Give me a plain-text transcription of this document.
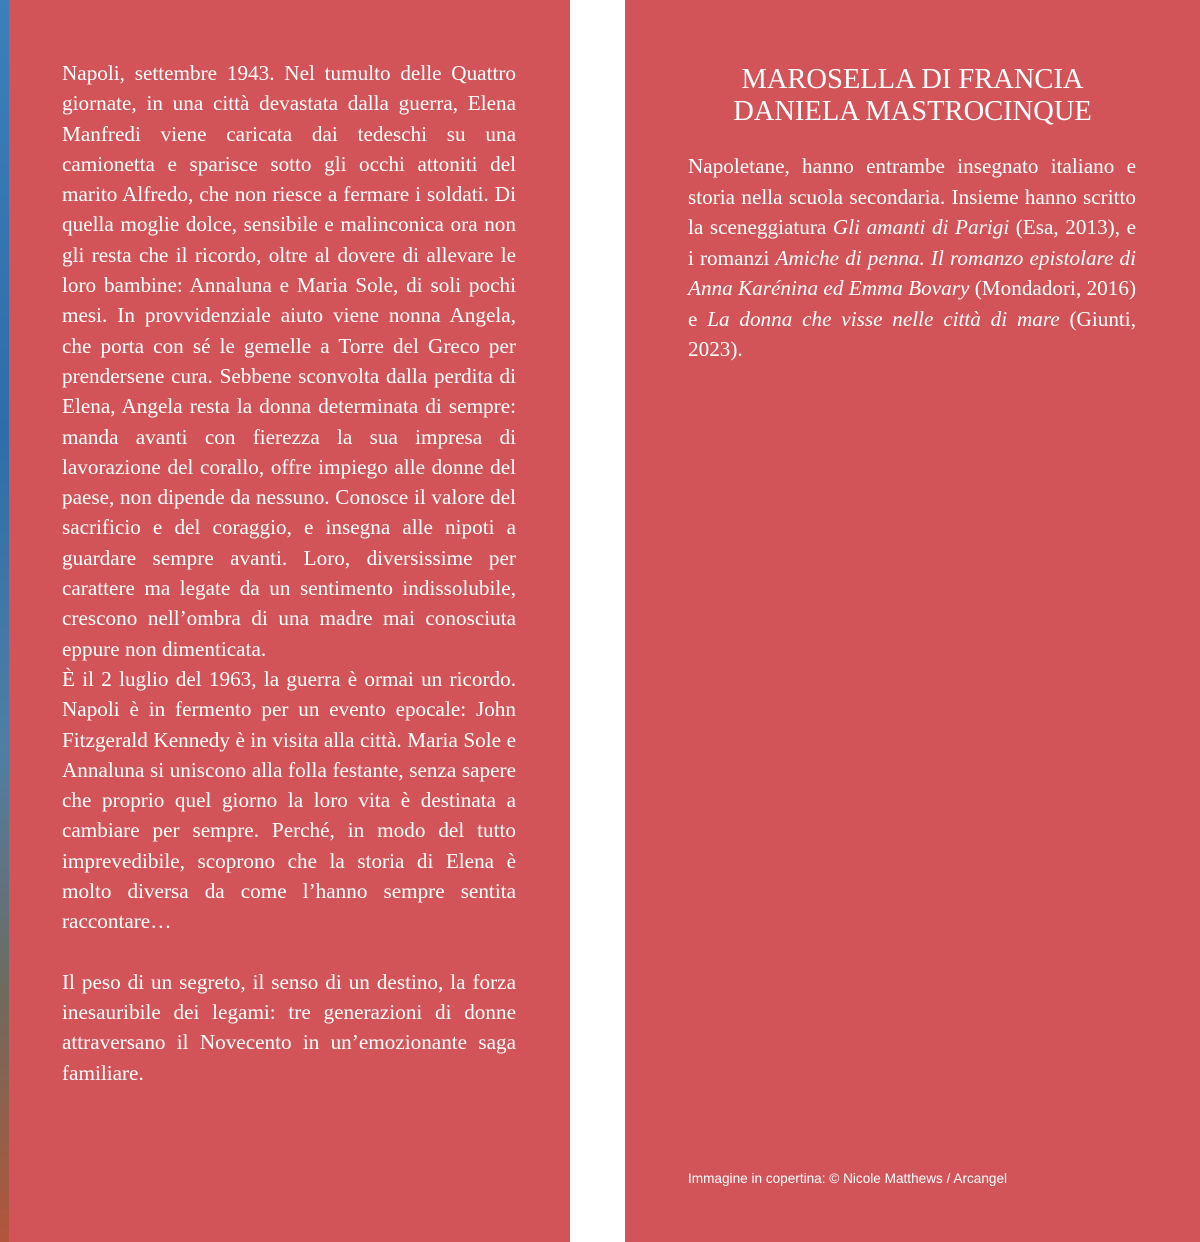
Napoli, settembre 1943. Nel tumulto delle Quattro giornate, in una città devastata dalla guerra, Elena Manfredi viene caricata dai tedeschi su una camionetta e sparisce sotto gli occhi attoniti del marito Alfredo, che non riesce a fermare i soldati. Di quella moglie dolce, sensibile e malinconica ora non gli resta che il ricordo, oltre al dovere di allevare le loro bambine: Annaluna e Maria Sole, di soli pochi mesi. In provvidenziale aiuto viene nonna Angela, che porta con sé le gemelle a Torre del Greco per prendersene cura. Sebbene sconvolta dalla perdita di Elena, Angela resta la donna determinata di sempre: manda avanti con fierezza la sua impresa di lavorazione del corallo, offre impiego alle donne del paese, non dipende da nessuno. Conosce il valore del sacrificio e del coraggio, e insegna alle nipoti a guardare sempre avanti. Loro, diversissime per carattere ma legate da un sentimento indissolubile, crescono nell’ombra di una madre mai conosciuta eppure non dimenticata.

È il 2 luglio del 1963, la guerra è ormai un ricordo. Napoli è in fermento per un evento epocale: John Fitzgerald Kennedy è in visita alla città. Maria Sole e Annaluna si uniscono alla folla festante, senza sapere che proprio quel giorno la loro vita è destinata a cambiare per sempre. Perché, in modo del tutto imprevedibile, scoprono che la storia di Elena è molto diversa da come l’hanno sempre sentita raccontare…

Il peso di un segreto, il senso di un destino, la forza inesauribile dei legami: tre generazioni di donne attraversano il Novecento in un’emozionante saga familiare.

MAROSELLA DI FRANCIA
DANIELA MASTROCINQUE

Napoletane, hanno entrambe insegnato italiano e storia nella scuola secondaria. Insieme hanno scritto la sceneggiatura Gli amanti di Parigi (Esa, 2013), e i romanzi Amiche di penna. Il romanzo epistolare di Anna Karénina ed Emma Bovary (Mondadori, 2016) e La donna che visse nelle città di mare (Giunti, 2023).

Immagine in copertina: © Nicole Matthews / Arcangel
